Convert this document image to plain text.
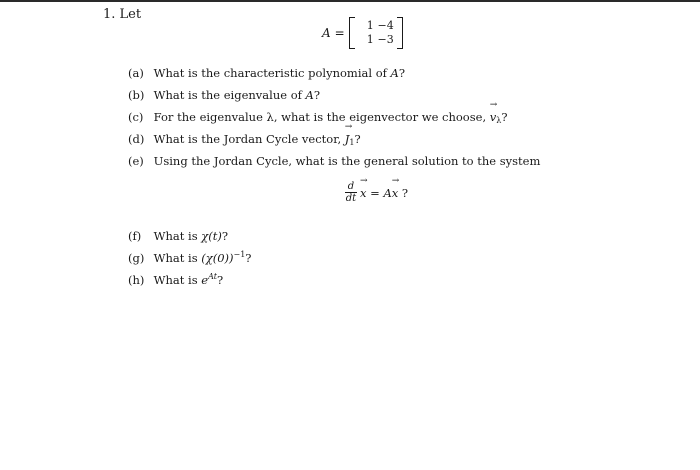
1. Let
A =
1 −4
1 −3
(a) What is the characteristic polynomial of A?
(b) What is the eigenvalue of A?
(c) For the eigenvalue λ, what is the eigenvector we choose, → $v_\lambda$?
(d) What is the Jordan Cycle vector, → $J_1$?
(e) Using the Jordan Cycle, what is the general solution to the system
$\frac{d}{dt}$
→ x = A
→ x ?
(f) What is χ(t)?
(g) What is $(\chi(0))^{-1}$?
(h) What is $e^{At}$?
